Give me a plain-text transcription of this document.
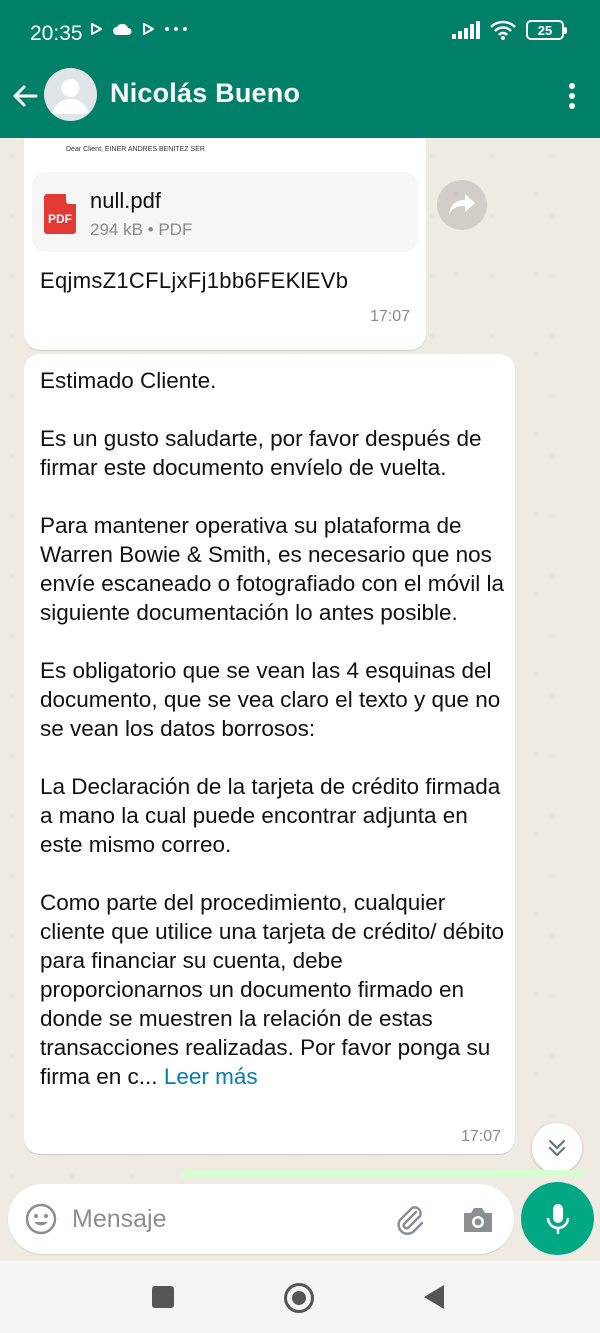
20:35	25
Nicolás Bueno
Dear Client, EINER ANDRES BENITEZ SER
PDF
null.pdf
294 kB • PDF
EqjmsZ1CFLjxFj1bb6FEKlEVb
17:07
Estimado Cliente.

Es un gusto saludarte, por favor después de firmar este documento envíelo de vuelta.

Para mantener operativa su plataforma de Warren Bowie & Smith, es necesario que nos envíe escaneado o fotografiado con el móvil la siguiente documentación lo antes posible.

Es obligatorio que se vean las 4 esquinas del documento, que se vea claro el texto y que no se vean los datos borrosos:

La Declaración de la tarjeta de crédito firmada a mano la cual puede encontrar adjunta en este mismo correo.

Como parte del procedimiento, cualquier cliente que utilice una tarjeta de crédito/ débito para financiar su cuenta, debe proporcionarnos un documento firmado en donde se muestren la relación de estas transacciones realizadas. Por favor ponga su firma en c... Leer más
17:07
Mensaje
